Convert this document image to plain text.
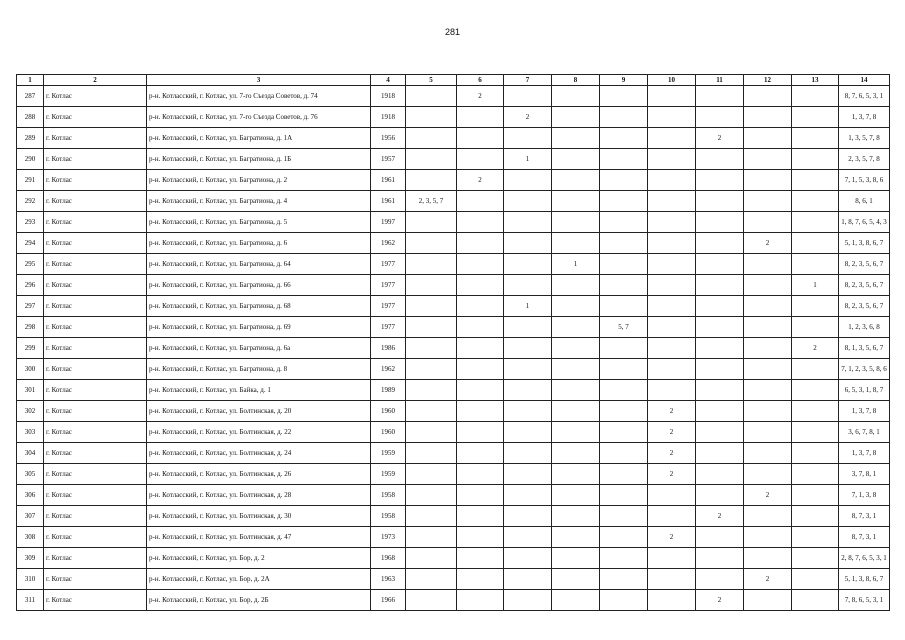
281
1	2	3	4	5	6	7	8	9	10	11	12	13	14
287	г. Котлас	р-н. Котласский, г. Котлас, ул. 7-го Съезда Советов, д. 74	1918		2								8, 7, 6, 5, 3, 1
288	г. Котлас	р-н. Котласский, г. Котлас, ул. 7-го Съезда Советов, д. 76	1918			2							1, 3, 7, 8
289	г. Котлас	р-н. Котласский, г. Котлас, ул. Багратиона, д. 1А	1956							2			1, 3, 5, 7, 8
290	г. Котлас	р-н. Котласский, г. Котлас, ул. Багратиона, д. 1Б	1957			1							2, 3, 5, 7, 8
291	г. Котлас	р-н. Котласский, г. Котлас, ул. Багратиона, д. 2	1961		2								7, 1, 5, 3, 8, 6
292	г. Котлас	р-н. Котласский, г. Котлас, ул. Багратиона, д. 4	1961	2, 3, 5, 7									8, 6, 1
293	г. Котлас	р-н. Котласский, г. Котлас, ул. Багратиона, д. 5	1997										1, 8, 7, 6, 5, 4, 3
294	г. Котлас	р-н. Котласский, г. Котлас, ул. Багратиона, д. 6	1962								2		5, 1, 3, 8, 6, 7
295	г. Котлас	р-н. Котласский, г. Котлас, ул. Багратиона, д. 64	1977				1						8, 2, 3, 5, 6, 7
296	г. Котлас	р-н. Котласский, г. Котлас, ул. Багратиона, д. 66	1977									1	8, 2, 3, 5, 6, 7
297	г. Котлас	р-н. Котласский, г. Котлас, ул. Багратиона, д. 68	1977			1							8, 2, 3, 5, 6, 7
298	г. Котлас	р-н. Котласский, г. Котлас, ул. Багратиона, д. 69	1977					5, 7					1, 2, 3, 6, 8
299	г. Котлас	р-н. Котласский, г. Котлас, ул. Багратиона, д. 6а	1986									2	8, 1, 3, 5, 6, 7
300	г. Котлас	р-н. Котласский, г. Котлас, ул. Багратиона, д. 8	1962										7, 1, 2, 3, 5, 8, 6
301	г. Котлас	р-н. Котласский, г. Котлас, ул. Байка, д. 1	1989										6, 5, 3, 1, 8, 7
302	г. Котлас	р-н. Котласский, г. Котлас, ул. Болтинская, д. 20	1960						2				1, 3, 7, 8
303	г. Котлас	р-н. Котласский, г. Котлас, ул. Болтинская, д. 22	1960						2				3, 6, 7, 8, 1
304	г. Котлас	р-н. Котласский, г. Котлас, ул. Болтинская, д. 24	1959						2				1, 3, 7, 8
305	г. Котлас	р-н. Котласский, г. Котлас, ул. Болтинская, д. 26	1959						2				3, 7, 8, 1
306	г. Котлас	р-н. Котласский, г. Котлас, ул. Болтинская, д. 28	1958								2		7, 1, 3, 8
307	г. Котлас	р-н. Котласский, г. Котлас, ул. Болтинская, д. 30	1958							2			8, 7, 3, 1
308	г. Котлас	р-н. Котласский, г. Котлас, ул. Болтинская, д. 47	1973						2				8, 7, 3, 1
309	г. Котлас	р-н. Котласский, г. Котлас, ул. Бор, д. 2	1968										2, 8, 7, 6, 5, 3, 1
310	г. Котлас	р-н. Котласский, г. Котлас, ул. Бор, д. 2А	1963								2		5, 1, 3, 8, 6, 7
311	г. Котлас	р-н. Котласский, г. Котлас, ул. Бор, д. 2Б	1966							2			7, 8, 6, 5, 3, 1
